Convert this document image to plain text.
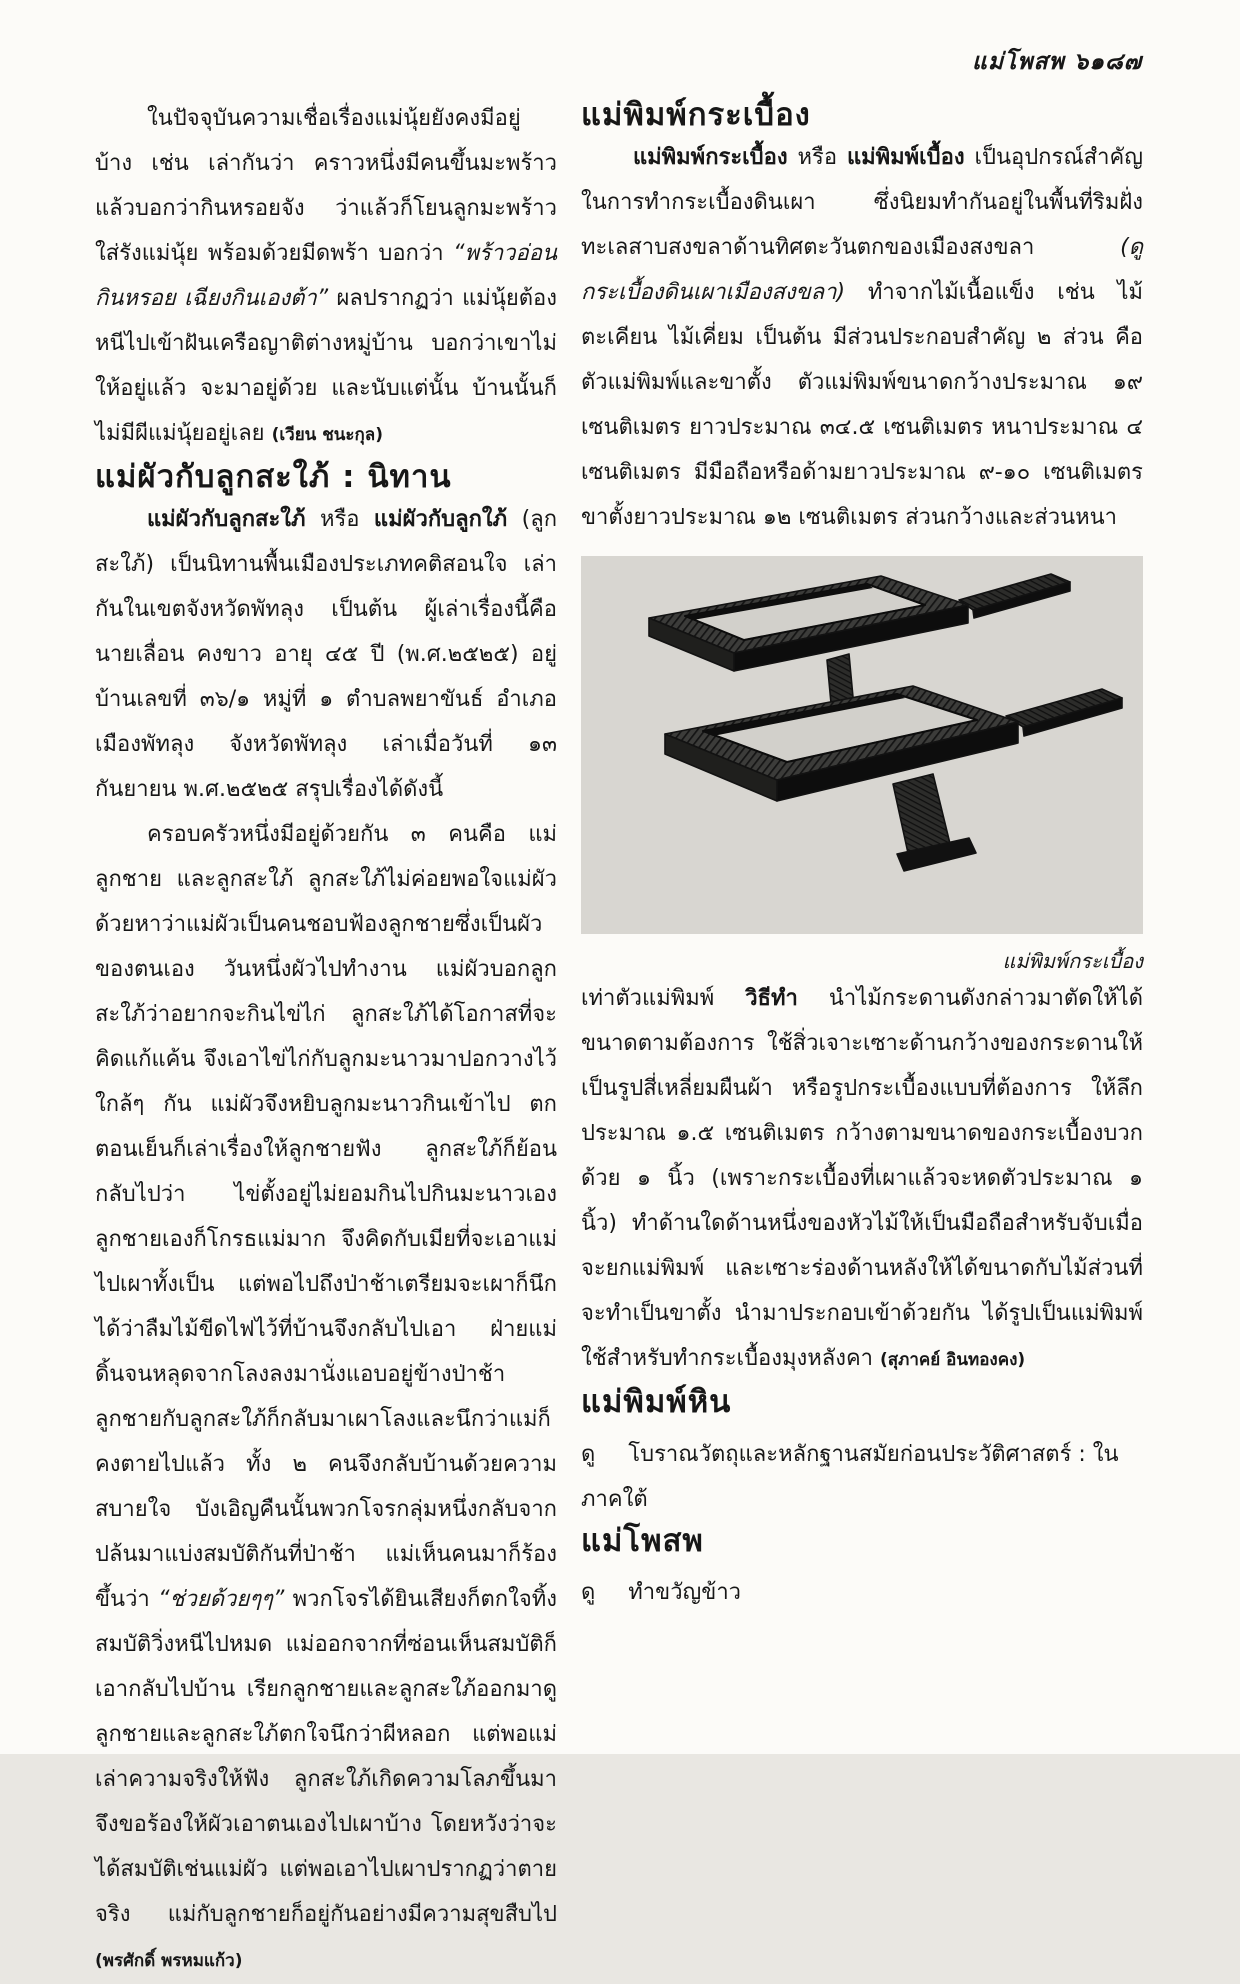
แม่โพสพ ๖๑๘๗

ในปัจจุบันความเชื่อเรื่องแม่นุ้ยยังคงมีอยู่บ้าง เช่น เล่ากันว่า คราวหนึ่งมีคนขึ้นมะพร้าวแล้วบอกว่ากินหรอยจัง ว่าแล้วก็โยนลูกมะพร้าวใส่รังแม่นุ้ย พร้อมด้วยมีดพร้า บอกว่า “พร้าวอ่อนกินหรอย เฉียงกินเองต้า” ผลปรากฏว่า แม่นุ้ยต้องหนีไปเข้าฝันเครือญาติต่างหมู่บ้าน บอกว่าเขาไม่ให้อยู่แล้ว จะมาอยู่ด้วย และนับแต่นั้น บ้านนั้นก็ไม่มีผีแม่นุ้ยอยู่เลย (เวียน ชนะกุล)

แม่ผัวกับลูกสะใภ้ : นิทาน

แม่ผัวกับลูกสะใภ้ หรือ แม่ผัวกับลูกใภ้ (ลูกสะใภ้) เป็นนิทานพื้นเมืองประเภทคติสอนใจ เล่ากันในเขตจังหวัดพัทลุง เป็นต้น ผู้เล่าเรื่องนี้คือ นายเลื่อน คงขาว อายุ ๔๕ ปี (พ.ศ.๒๕๒๕) อยู่บ้านเลขที่ ๓๖/๑ หมู่ที่ ๑ ตำบลพยาขันธ์ อำเภอเมืองพัทลุง จังหวัดพัทลุง เล่าเมื่อวันที่ ๑๓ กันยายน พ.ศ.๒๕๒๕ สรุปเรื่องได้ดังนี้

ครอบครัวหนึ่งมีอยู่ด้วยกัน ๓ คนคือ แม่ ลูกชาย และลูกสะใภ้ ลูกสะใภ้ไม่ค่อยพอใจแม่ผัว ด้วยหาว่าแม่ผัวเป็นคนชอบฟ้องลูกชายซึ่งเป็นผัวของตนเอง วันหนึ่งผัวไปทำงาน แม่ผัวบอกลูกสะใภ้ว่าอยากจะกินไข่ไก่ ลูกสะใภ้ได้โอกาสที่จะคิดแก้แค้น จึงเอาไข่ไก่กับลูกมะนาวมาปอกวางไว้ใกล้ๆ กัน แม่ผัวจึงหยิบลูกมะนาวกินเข้าไป ตกตอนเย็นก็เล่าเรื่องให้ลูกชายฟัง ลูกสะใภ้ก็ย้อนกลับไปว่า ไข่ตั้งอยู่ไม่ยอมกินไปกินมะนาวเอง ลูกชายเองก็โกรธแม่มาก จึงคิดกับเมียที่จะเอาแม่ไปเผาทั้งเป็น แต่พอไปถึงป่าช้าเตรียมจะเผาก็นึกได้ว่าลืมไม้ขีดไฟไว้ที่บ้านจึงกลับไปเอา ฝ่ายแม่ดิ้นจนหลุดจากโลงลงมานั่งแอบอยู่ข้างป่าช้า ลูกชายกับลูกสะใภ้ก็กลับมาเผาโลงและนึกว่าแม่ก็คงตายไปแล้ว ทั้ง ๒ คนจึงกลับบ้านด้วยความสบายใจ บังเอิญคืนนั้นพวกโจรกลุ่มหนึ่งกลับจากปล้นมาแบ่งสมบัติกันที่ป่าช้า แม่เห็นคนมาก็ร้องขึ้นว่า “ช่วยด้วยๆๆ” พวกโจรได้ยินเสียงก็ตกใจทิ้งสมบัติวิ่งหนีไปหมด แม่ออกจากที่ซ่อนเห็นสมบัติก็เอากลับไปบ้าน เรียกลูกชายและลูกสะใภ้ออกมาดู ลูกชายและลูกสะใภ้ตกใจนึกว่าผีหลอก แต่พอแม่เล่าความจริงให้ฟัง ลูกสะใภ้เกิดความโลภขึ้นมา จึงขอร้องให้ผัวเอาตนเองไปเผาบ้าง โดยหวังว่าจะได้สมบัติเช่นแม่ผัว แต่พอเอาไปเผาปรากฏว่าตายจริง แม่กับลูกชายก็อยู่กันอย่างมีความสุขสืบไป (พรศักดิ์ พรหมแก้ว)

แม่พิมพ์กระเบื้อง

แม่พิมพ์กระเบื้อง หรือ แม่พิมพ์เบื้อง เป็นอุปกรณ์สำคัญในการทำกระเบื้องดินเผา ซึ่งนิยมทำกันอยู่ในพื้นที่ริมฝั่งทะเลสาบสงขลาด้านทิศตะวันตกของเมืองสงขลา	(ดู กระเบื้องดินเผาเมืองสงขลา) ทำจากไม้เนื้อแข็ง เช่น ไม้ตะเคียน ไม้เคี่ยม เป็นต้น มีส่วนประกอบสำคัญ ๒ ส่วน คือ ตัวแม่พิมพ์และขาตั้ง ตัวแม่พิมพ์ขนาดกว้างประมาณ ๑๙ เซนติเมตร ยาวประมาณ ๓๔.๕ เซนติเมตร หนาประมาณ ๔ เซนติเมตร มีมือถือหรือด้ามยาวประมาณ ๙-๑๐ เซนติเมตร ขาตั้งยาวประมาณ ๑๒ เซนติเมตร ส่วนกว้างและส่วนหนา

แม่พิมพ์กระเบื้อง

เท่าตัวแม่พิมพ์ วิธีทำ นำไม้กระดานดังกล่าวมาตัดให้ได้ขนาดตามต้องการ ใช้สิ่วเจาะเซาะด้านกว้างของกระดานให้เป็นรูปสี่เหลี่ยมผืนผ้า หรือรูปกระเบื้องแบบที่ต้องการ ให้ลึกประมาณ ๑.๕ เซนติเมตร กว้างตามขนาดของกระเบื้องบวกด้วย ๑ นิ้ว (เพราะกระเบื้องที่เผาแล้วจะหดตัวประมาณ ๑ นิ้ว) ทำด้านใดด้านหนึ่งของหัวไม้ให้เป็นมือถือสำหรับจับเมื่อจะยกแม่พิมพ์ และเซาะร่องด้านหลังให้ได้ขนาดกับไม้ส่วนที่จะทำเป็นขาตั้ง นำมาประกอบเข้าด้วยกัน ได้รูปเป็นแม่พิมพ์ ใช้สำหรับทำกระเบื้องมุงหลังคา (สุภาคย์ อินทองคง)

แม่พิมพ์หิน

ดู โบราณวัตถุและหลักฐานสมัยก่อนประวัติศาสตร์ : ในภาคใต้

แม่โพสพ

ดู ทำขวัญข้าว
